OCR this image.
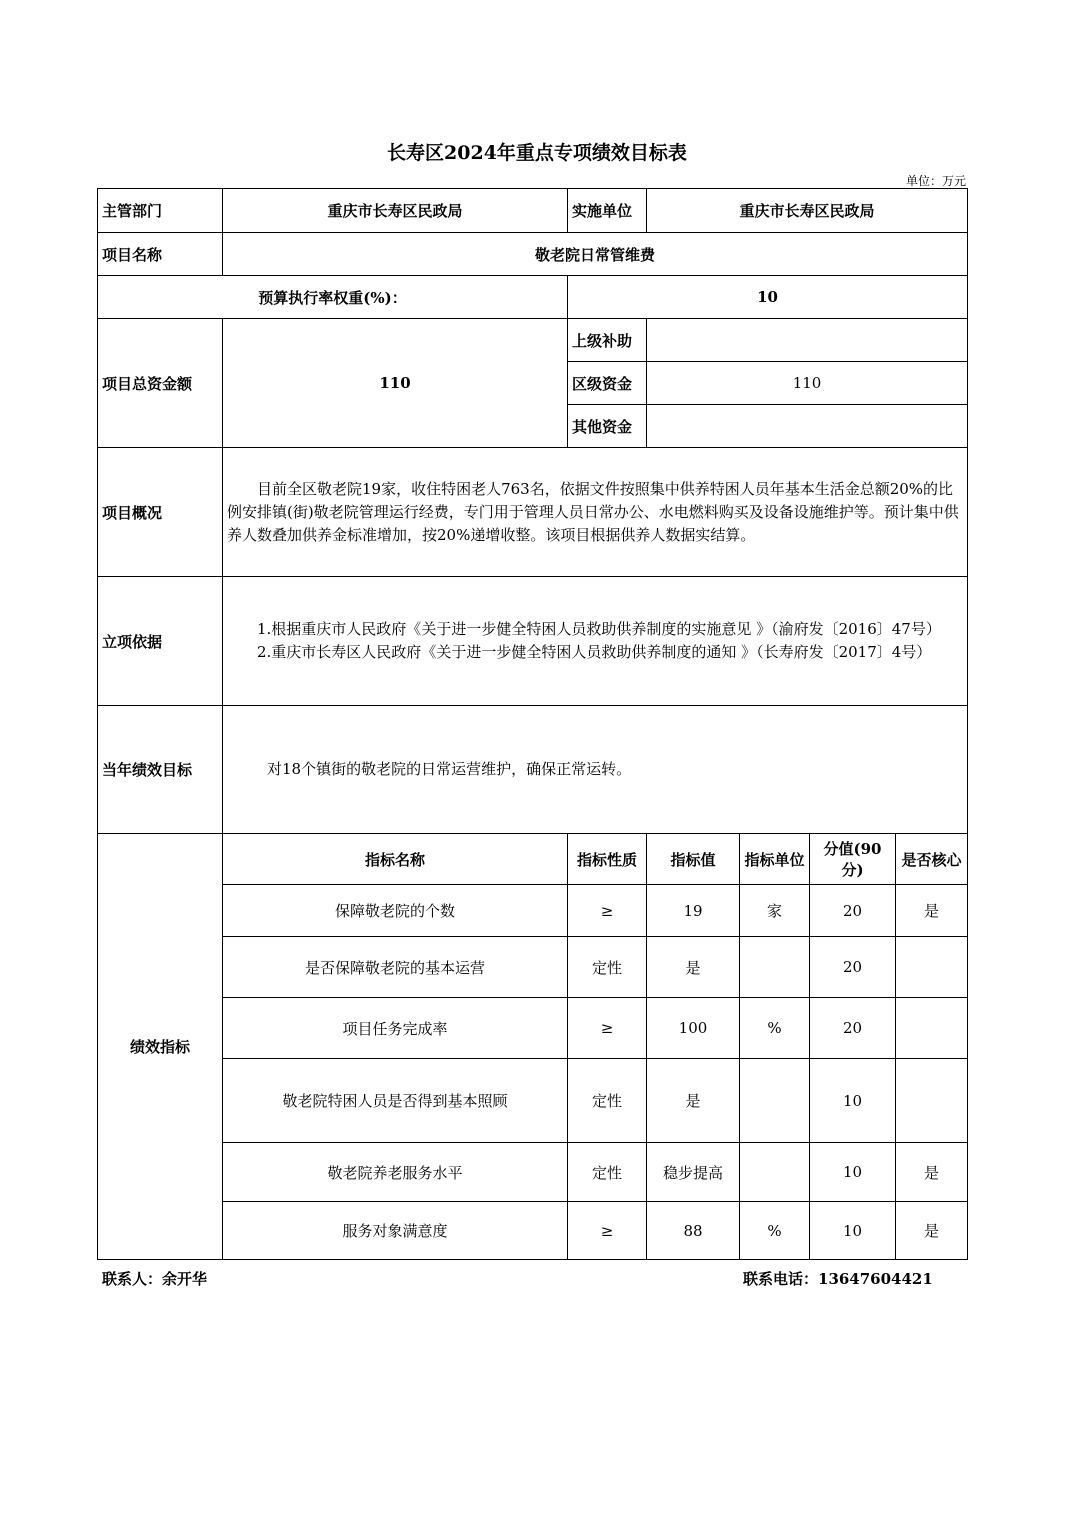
长寿区2024年重点专项绩效目标表
单位：万元
主管部门	重庆市长寿区民政局	实施单位	重庆市长寿区民政局			
项目名称	敬老院日常管维费					
预算执行率权重(%)：		10				
项目总资金额	110	上级补助				
		区级资金	110			
		其他资金				
项目概况	目前全区敬老院19家，收住特困老人763名，依据文件按照集中供养特困人员年基本生活金总额20%的比例安排镇(街)敬老院管理运行经费，专门用于管理人员日常办公、水电燃料购买及设备设施维护等。预计集中供养人数叠加供养金标准增加，按20%递增收整。该项目根据供养人数据实结算。					
立项依据	1.根据重庆市人民政府《关于进一步健全特困人员救助供养制度的实施意见 》（渝府发〔2016〕47号）
2.重庆市长寿区人民政府《关于进一步健全特困人员救助供养制度的通知 》（长寿府发〔2017〕4号）					

当年绩效目标	对18个镇街的敬老院的日常运营维护，确保正常运转。					
绩效指标	指标名称	指标性质	指标值	指标单位	分值(90分)	是否核心
	保障敬老院的个数	≥	19	家	20	是
	是否保障敬老院的基本运营	定性	是		20	
	项目任务完成率	≥	100	%	20	
	敬老院特困人员是否得到基本照顾	定性	是		10	
	敬老院养老服务水平	定性	稳步提高		10	是
	服务对象满意度	≥	88	%	10	是
联系人：余开华	联系电话：13647604421
